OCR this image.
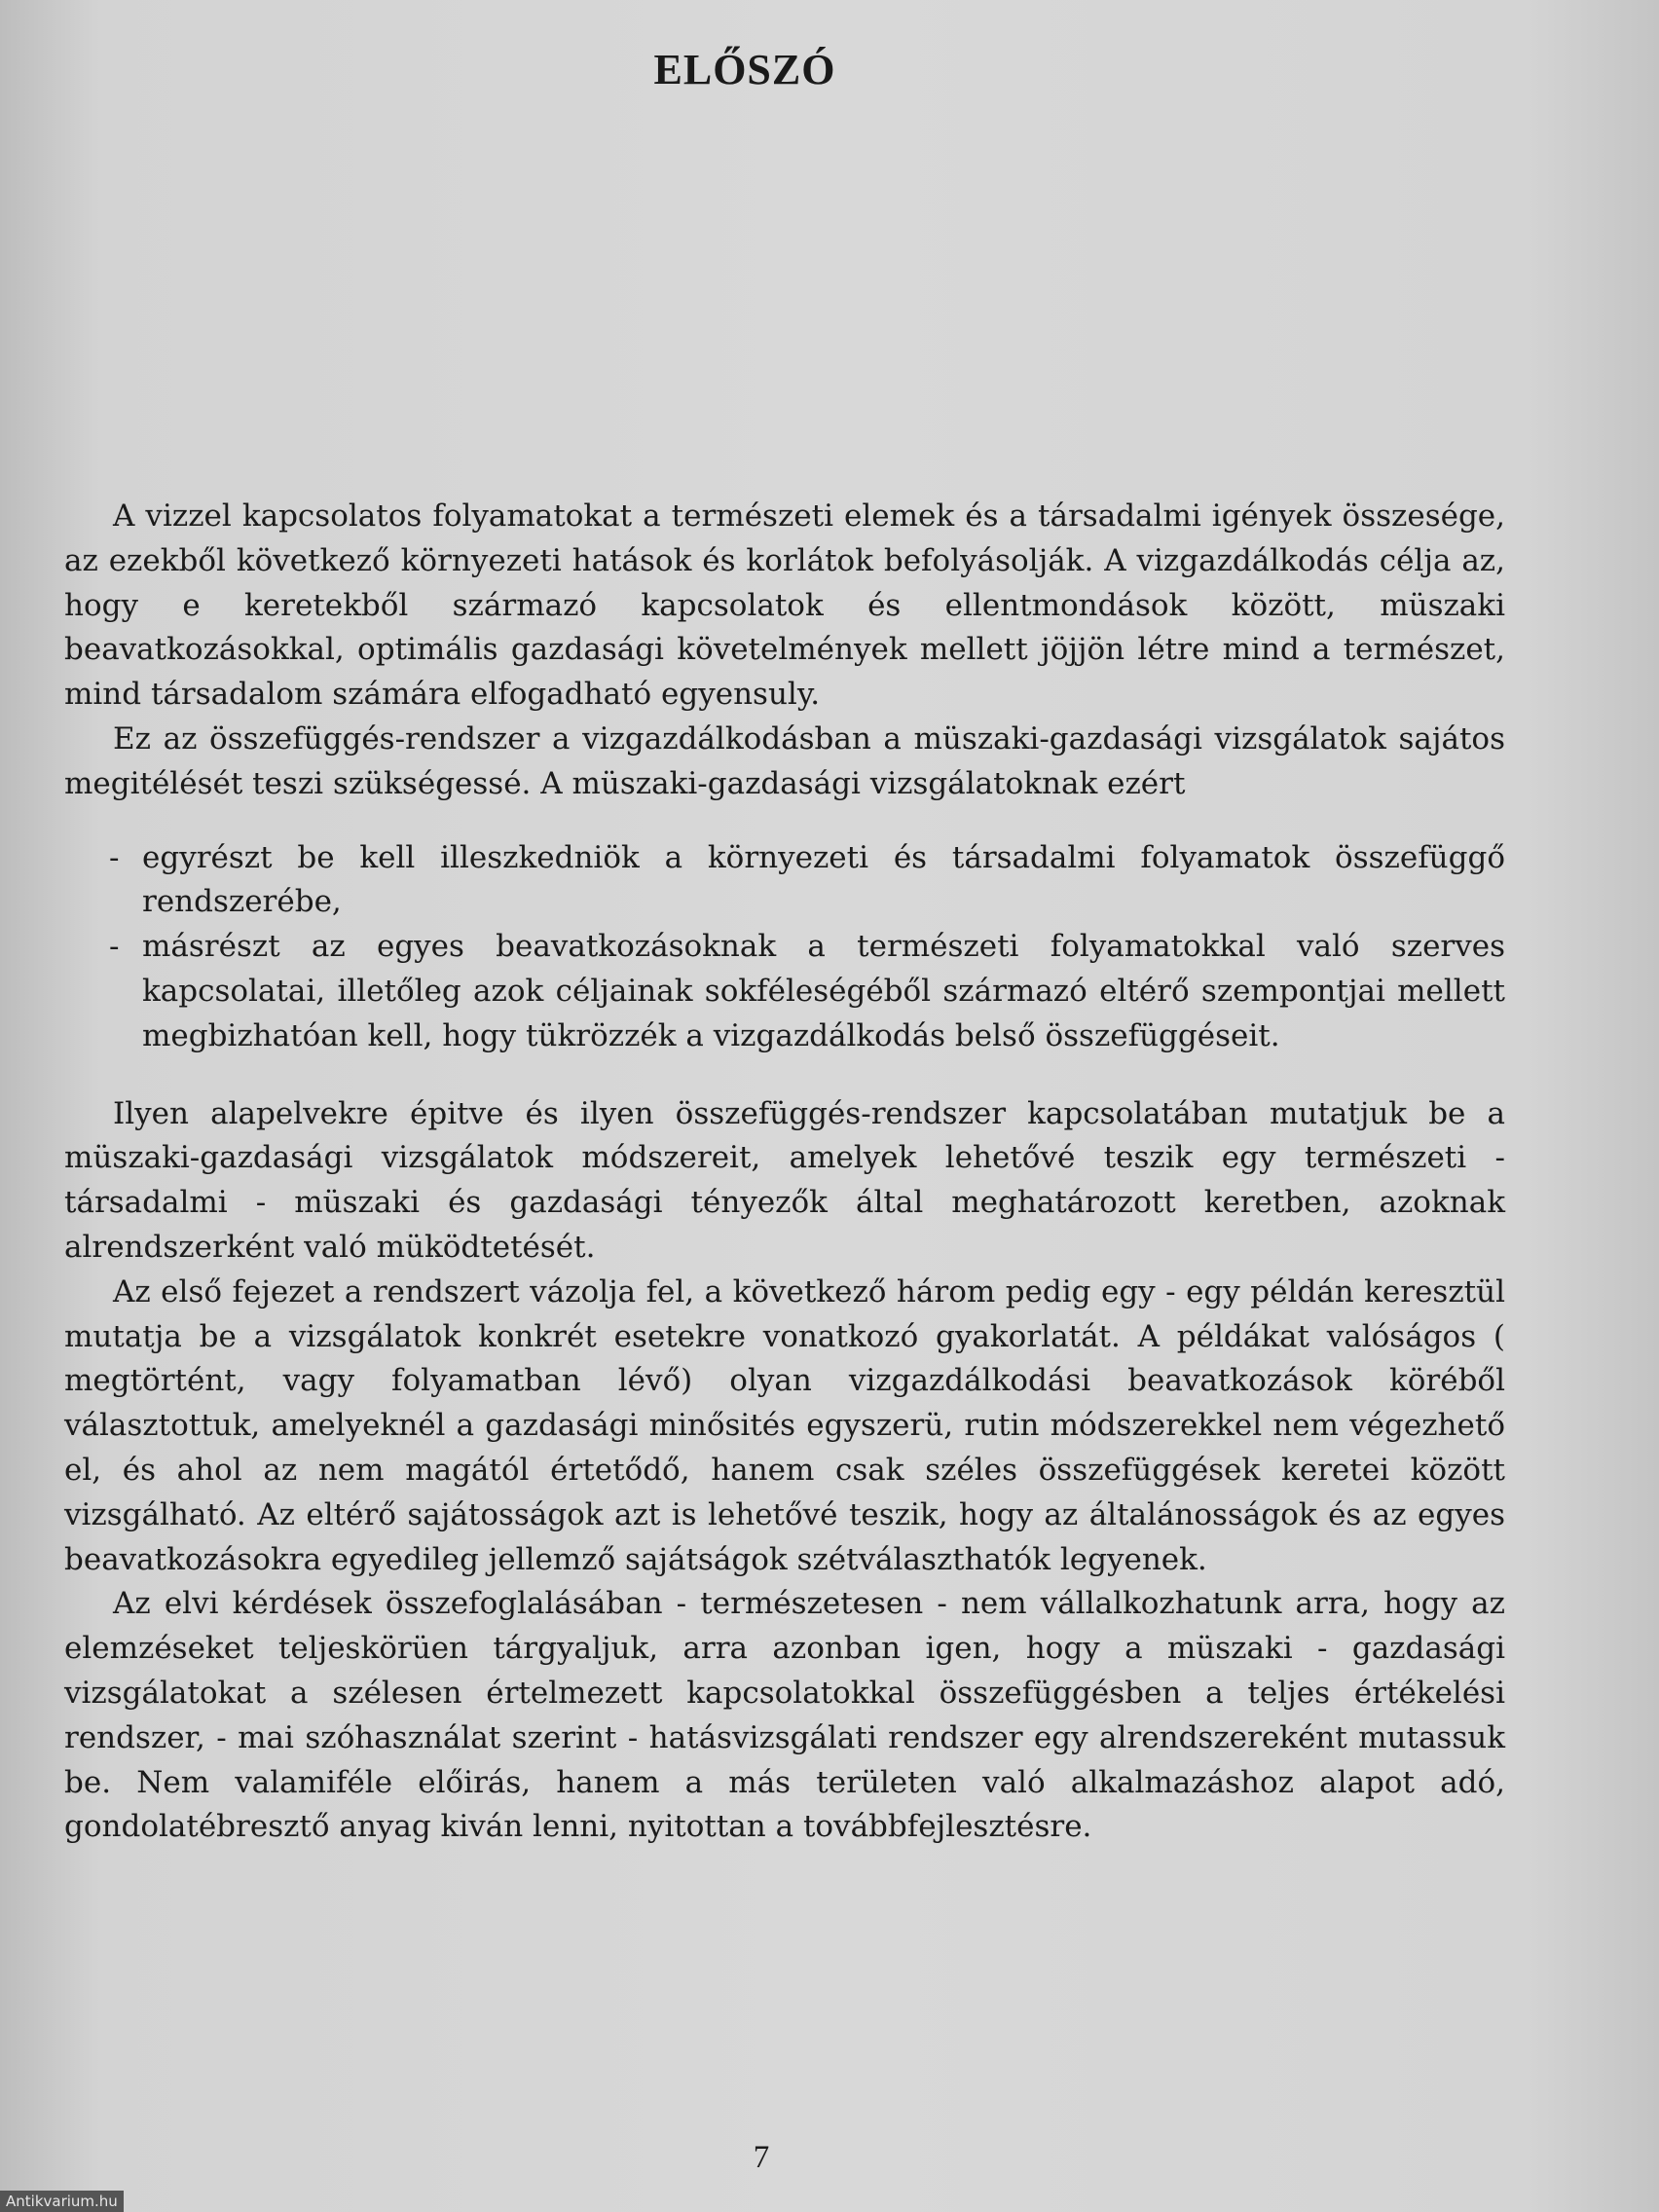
ELŐSZÓ

A vizzel kapcsolatos folyamatokat a természeti elemek és a társadalmi igények összesége, az ezekből következő környezeti hatások és korlátok befolyásolják. A vizgazdálkodás célja az, hogy e keretekből származó kapcsolatok és ellentmondások között, müszaki beavatkozásokkal, optimális gazdasági követelmények mellett jöjjön létre mind a természet, mind társadalom számára elfogadható egyensuly.

Ez az összefüggés-rendszer a vizgazdálkodásban a müszaki-gazdasági vizsgálatok sajátos megitélését teszi szükségessé. A müszaki-gazdasági vizsgálatoknak ezért

- egyrészt be kell illeszkedniök a környezeti és társadalmi folyamatok összefüggő rendszerébe,
- másrészt az egyes beavatkozásoknak a természeti folyamatokkal való szerves kapcsolatai, illetőleg azok céljainak sokféleségéből származó eltérő szempontjai mellett megbizhatóan kell, hogy tükrözzék a vizgazdálkodás belső összefüggéseit.

Ilyen alapelvekre épitve és ilyen összefüggés-rendszer kapcsolatában mutatjuk be a müszaki-gazdasági vizsgálatok módszereit, amelyek lehetővé teszik egy természeti - társadalmi - müszaki és gazdasági tényezők által meghatározott keretben, azoknak alrendszerként való müködtetését.

Az első fejezet a rendszert vázolja fel, a következő három pedig egy - egy példán keresztül mutatja be a vizsgálatok konkrét esetekre vonatkozó gyakorlatát. A példákat valóságos ( megtörtént, vagy folyamatban lévő) olyan vizgazdálkodási beavatkozások köréből választottuk, amelyeknél a gazdasági minősités egyszerü, rutin módszerekkel nem végezhető el, és ahol az nem magától értetődő, hanem csak széles összefüggések keretei között vizsgálható. Az eltérő sajátosságok azt is lehetővé teszik, hogy az általánosságok és az egyes beavatkozásokra egyedileg jellemző sajátságok szétválaszthatók legyenek.

Az elvi kérdések összefoglalásában - természetesen - nem vállalkozhatunk arra, hogy az elemzéseket teljeskörüen tárgyaljuk, arra azonban igen, hogy a müszaki - gazdasági vizsgálatokat a szélesen értelmezett kapcsolatokkal összefüggésben a teljes értékelési rendszer, - mai szóhasználat szerint - hatásvizsgálati rendszer egy alrendszereként mutassuk be. Nem valamiféle előirás, hanem a más területen való alkalmazáshoz alapot adó, gondolatébresztő anyag kiván lenni, nyitottan a továbbfejlesztésre.

7
Antikvarium.hu
